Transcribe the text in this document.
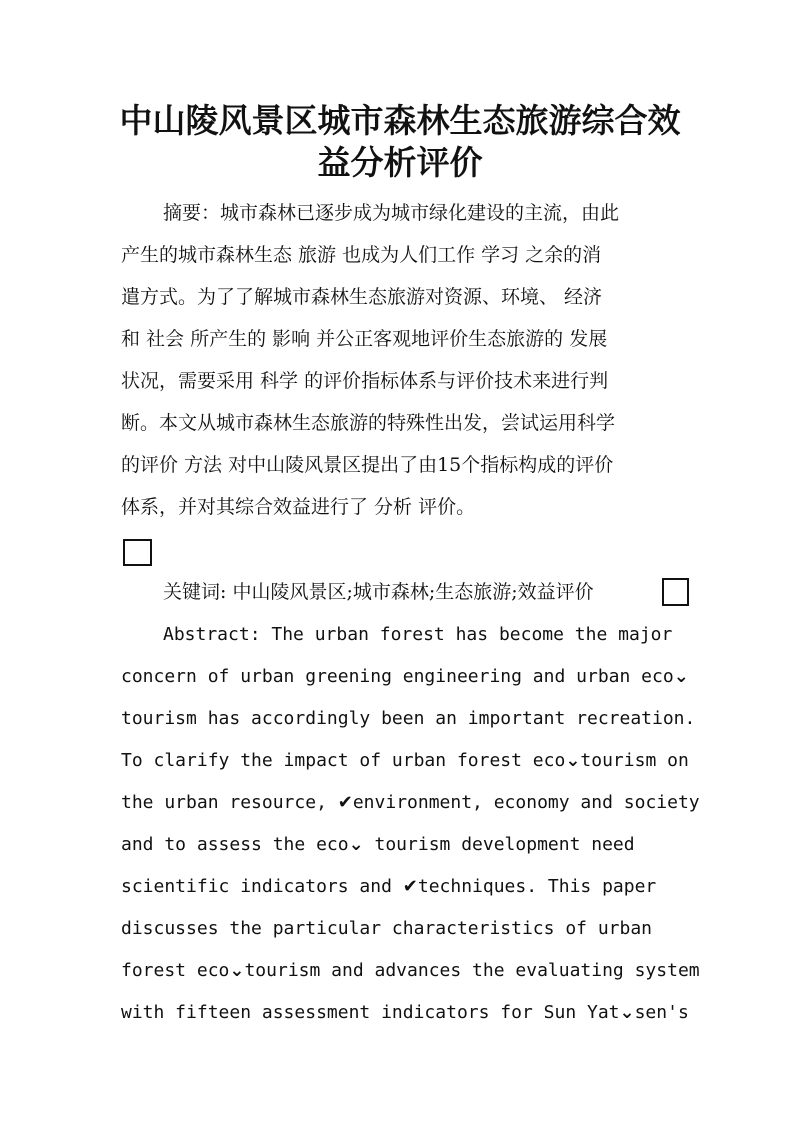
中山陵风景区城市森林生态旅游综合效
益分析评价

摘要：城市森林已逐步成为城市绿化建设的主流，由此

产生的城市森林生态 旅游 也成为人们工作 学习 之余的消

遣方式。为了了解城市森林生态旅游对资源、环境、 经济

和 社会 所产生的 影响 并公正客观地评价生态旅游的 发展

状况，需要采用 科学 的评价指标体系与评价技术来进行判

断。本文从城市森林生态旅游的特殊性出发，尝试运用科学

的评价 方法 对中山陵风景区提出了由15个指标构成的评价

体系，并对其综合效益进行了 分析 评价。

关键词: 中山陵风景区;城市森林;生态旅游;效益评价

Abstract: The urban forest has become the major

concern of urban greening engineering and urban eco⌄

tourism has accordingly been an important recreation.

To clarify the impact of urban forest eco⌄tourism on

the urban resource, ✔environment, economy and society

and to assess the eco⌄ tourism development need

scientific indicators and ✔techniques. This paper

discusses the particular characteristics of urban

forest eco⌄tourism and advances the evaluating system

with fifteen assessment indicators for Sun Yat⌄sen's
